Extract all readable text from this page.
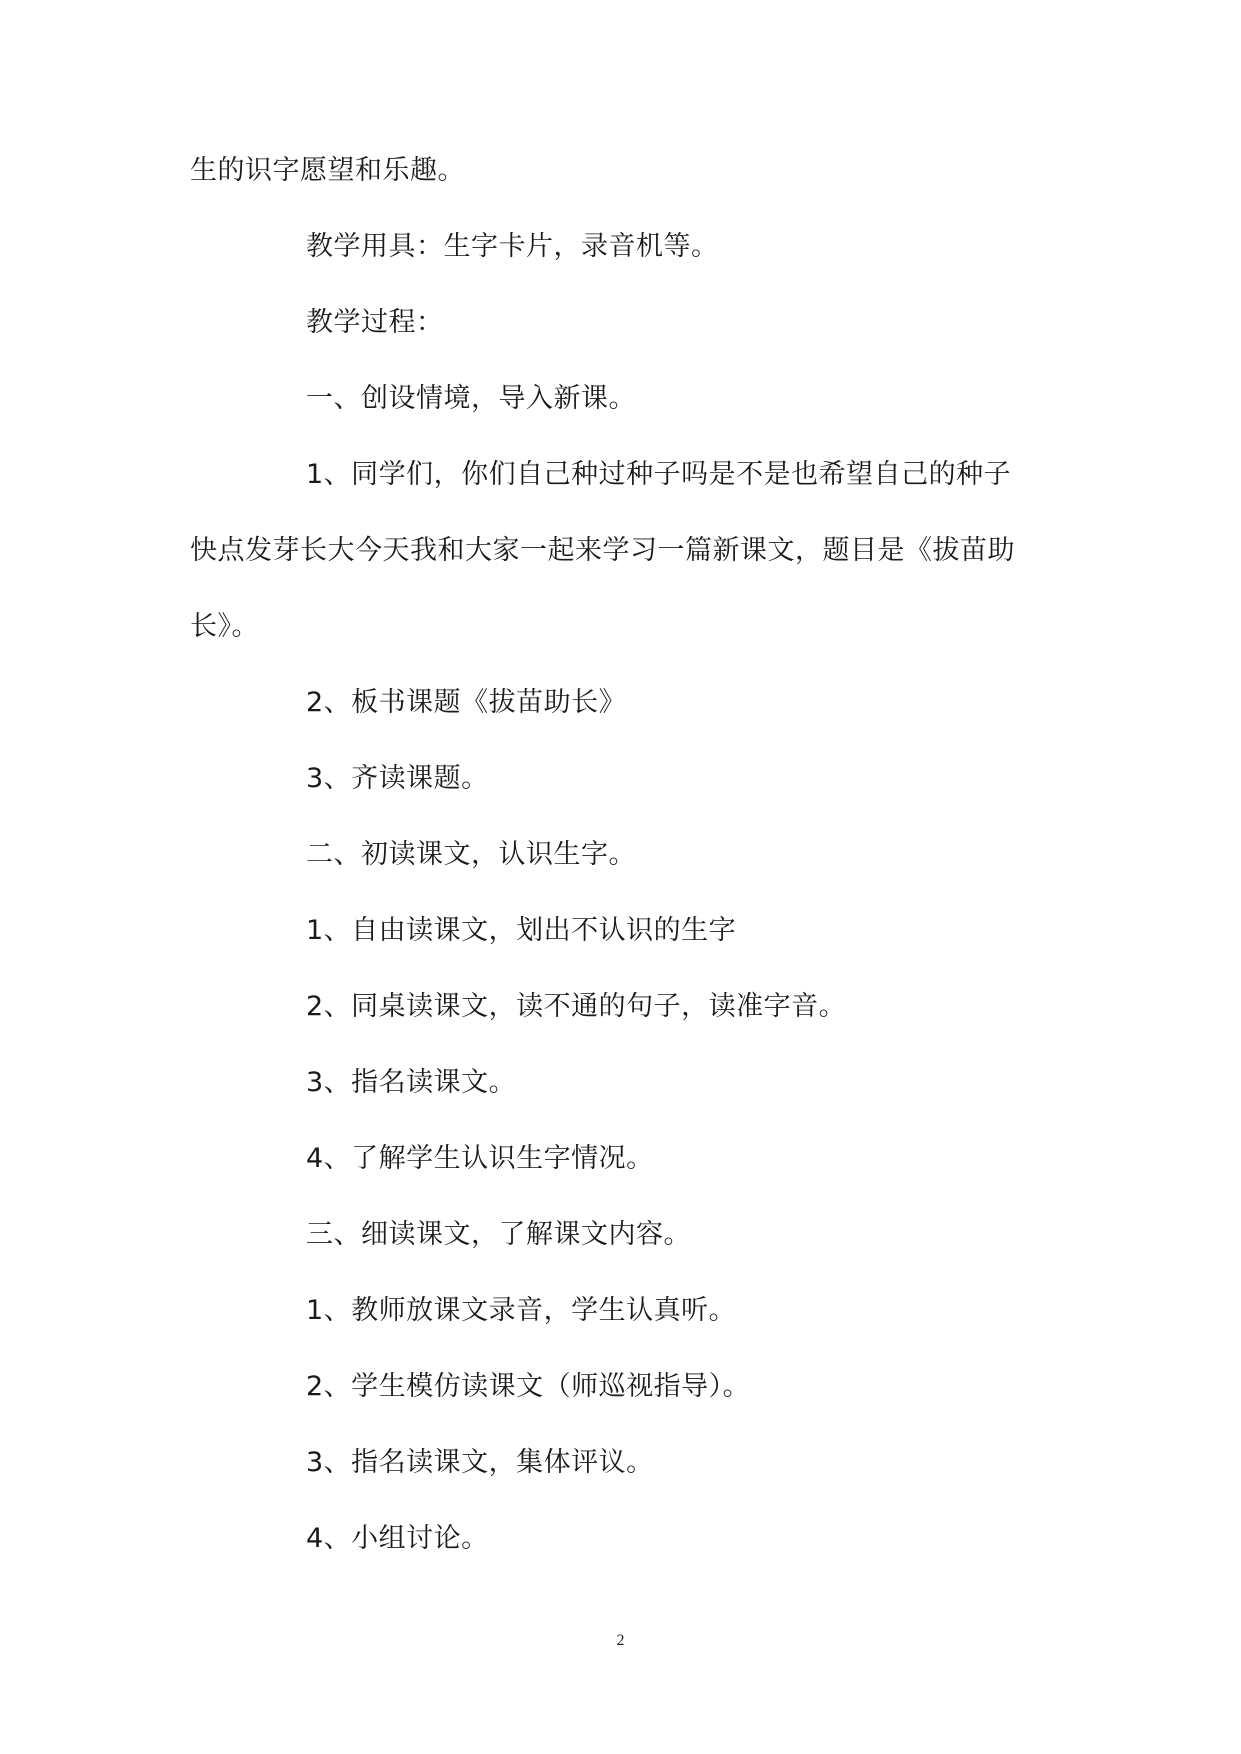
生的识字愿望和乐趣。
教学用具：生字卡片，录音机等。
教学过程：
一、创设情境，导入新课。
1、同学们，你们自己种过种子吗是不是也希望自己的种子
快点发芽长大今天我和大家一起来学习一篇新课文，题目是《拔苗助
长》。
2、板书课题《拔苗助长》
3、齐读课题。
二、初读课文，认识生字。
1、自由读课文，划出不认识的生字
2、同桌读课文，读不通的句子，读准字音。
3、指名读课文。
4、了解学生认识生字情况。
三、细读课文，了解课文内容。
1、教师放课文录音，学生认真听。
2、学生模仿读课文（师巡视指导）。
3、指名读课文，集体评议。
4、小组讨论。
2
